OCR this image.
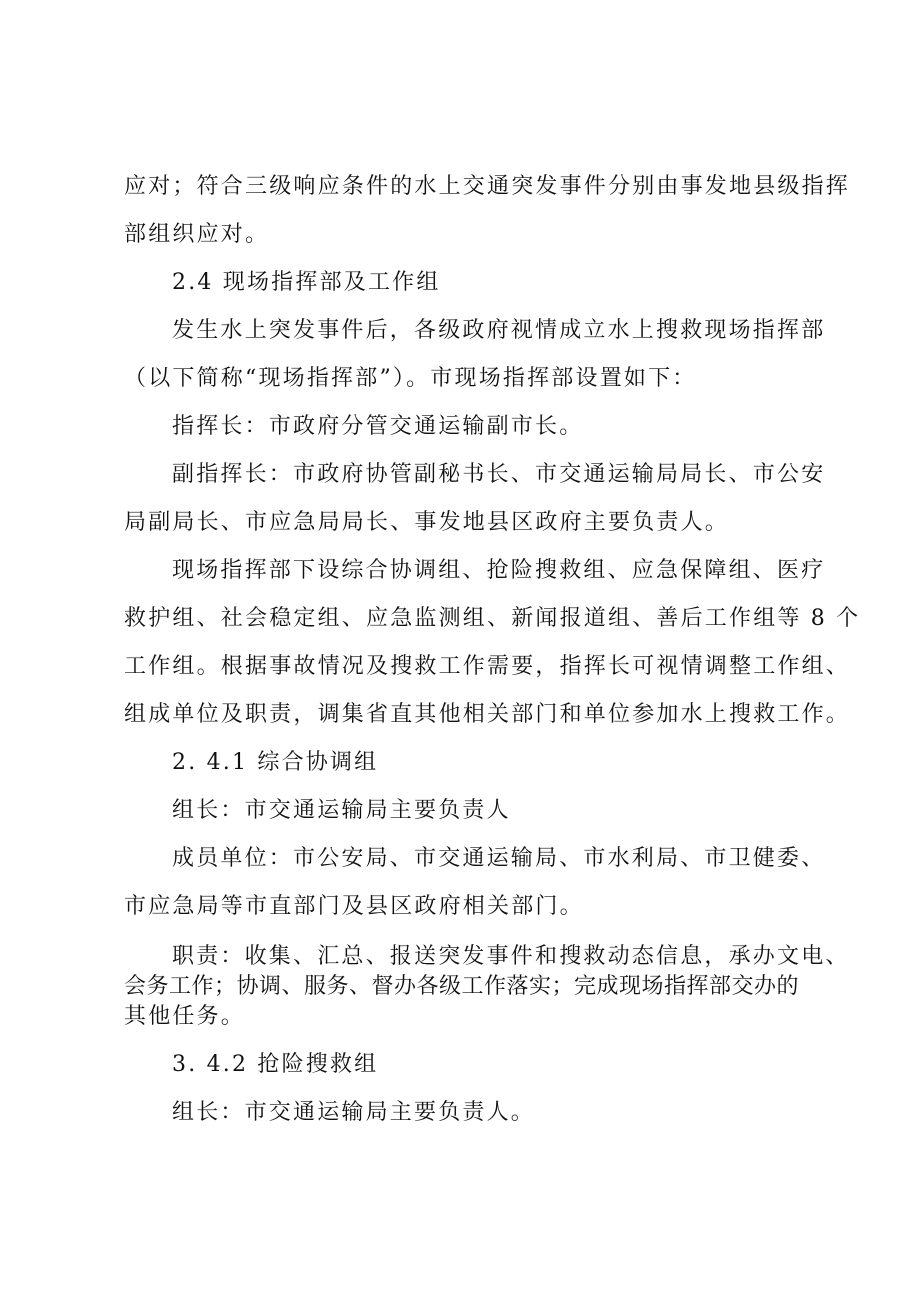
应对；符合三级响应条件的水上交通突发事件分别由事发地县级指挥
部组织应对。
2.4 现场指挥部及工作组
发生水上突发事件后，各级政府视情成立水上搜救现场指挥部
（以下简称“现场指挥部”）。市现场指挥部设置如下：
指挥长：市政府分管交通运输副市长。
副指挥长：市政府协管副秘书长、市交通运输局局长、市公安
局副局长、市应急局局长、事发地县区政府主要负责人。
现场指挥部下设综合协调组、抢险搜救组、应急保障组、医疗
救护组、社会稳定组、应急监测组、新闻报道组、善后工作组等 8 个
工作组。根据事故情况及搜救工作需要，指挥长可视情调整工作组、
组成单位及职责，调集省直其他相关部门和单位参加水上搜救工作。
2. 4.1 综合协调组
组长：市交通运输局主要负责人
成员单位：市公安局、市交通运输局、市水利局、市卫健委、
市应急局等市直部门及县区政府相关部门。
职责：收集、汇总、报送突发事件和搜救动态信息，承办文电、
会务工作；协调、服务、督办各级工作落实；完成现场指挥部交办的
其他任务。
3. 4.2 抢险搜救组
组长：市交通运输局主要负责人。
